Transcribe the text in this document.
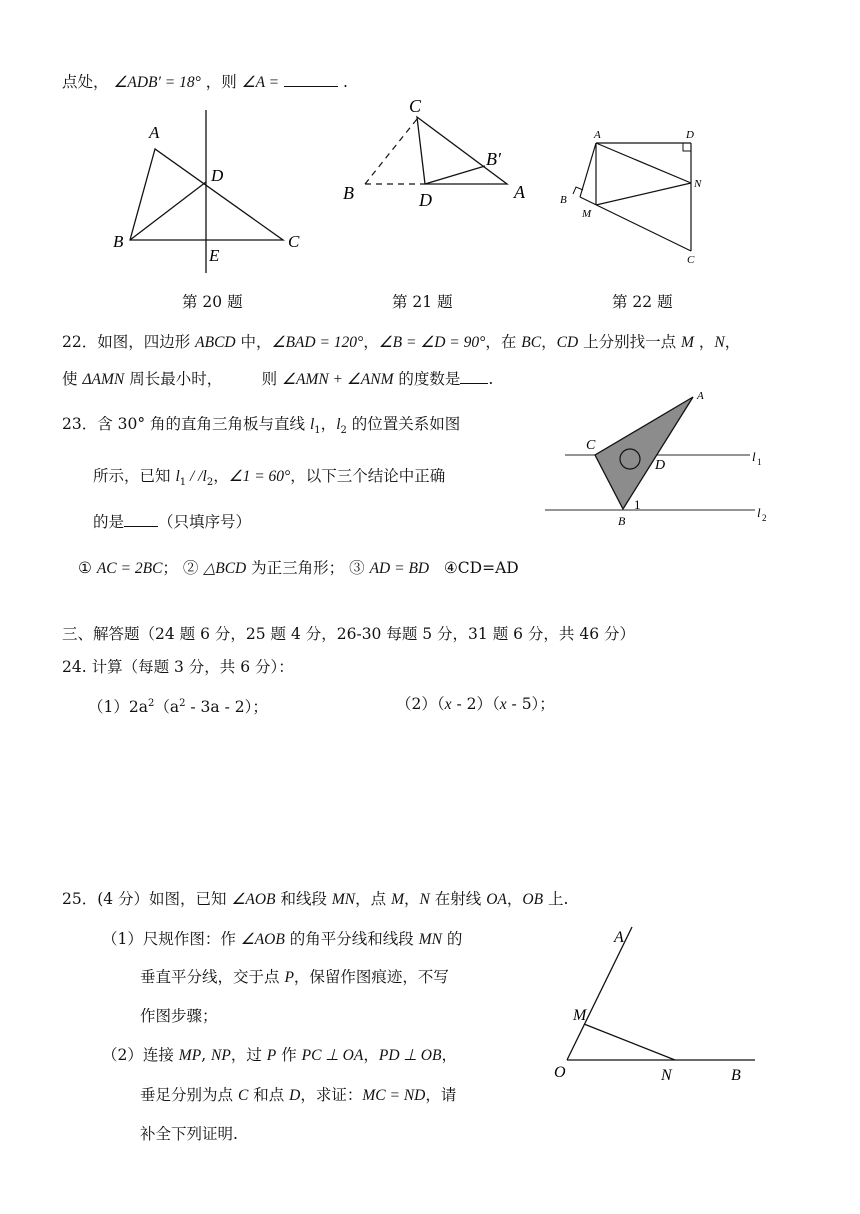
点处， ∠ADB′ = 18° ，则 ∠A =	.
A
B	C
D
E
第 20 题
C
B	D
B′
A
第 21 题
A	D
B
M
N
C
第 22 题
22．如图，四边形 ABCD 中，∠BAD = 120°，∠B = ∠D = 90°，在 BC，CD 上分别找一点 M ，N，
使 ΔAMN 周长最小时，        则 ∠AMN + ∠ANM 的度数是 .
23．含 30° 角的直角三角板与直线 $l_1$，$l_2$ 的位置关系如图
所示，已知 $l_1 / /l_2$，∠1 = 60°，以下三个结论中正确
的是 （只填序号）
① AC = 2BC； ② △BCD 为正三角形； ③ AD = BD ④CD=AD
A
C
D
B
1
l 1
l 2
三、解答题（24 题 6 分，25 题 4 分，26-30 每题 5 分，31 题 6 分，共 46 分）
24. 计算（每题 3 分，共 6 分）：
$(1)2a^2(a^2 - 3a - 2)$；	（2）（x - 2）（x - 5）；
25．(4 分）如图，已知 ∠AOB 和线段 MN，点 M，N 在射线 OA，OB 上.
（1）尺规作图：作 ∠AOB 的角平分线和线段 MN 的
垂直平分线，交于点 P，保留作图痕迹，不写
作图步骤；
（2）连接 MP, NP，过 P 作 PC ⊥ OA，PD ⊥ OB，
垂足分别为点 C 和点 D，求证：MC = ND，请
补全下列证明.
A
M
O	N	B
